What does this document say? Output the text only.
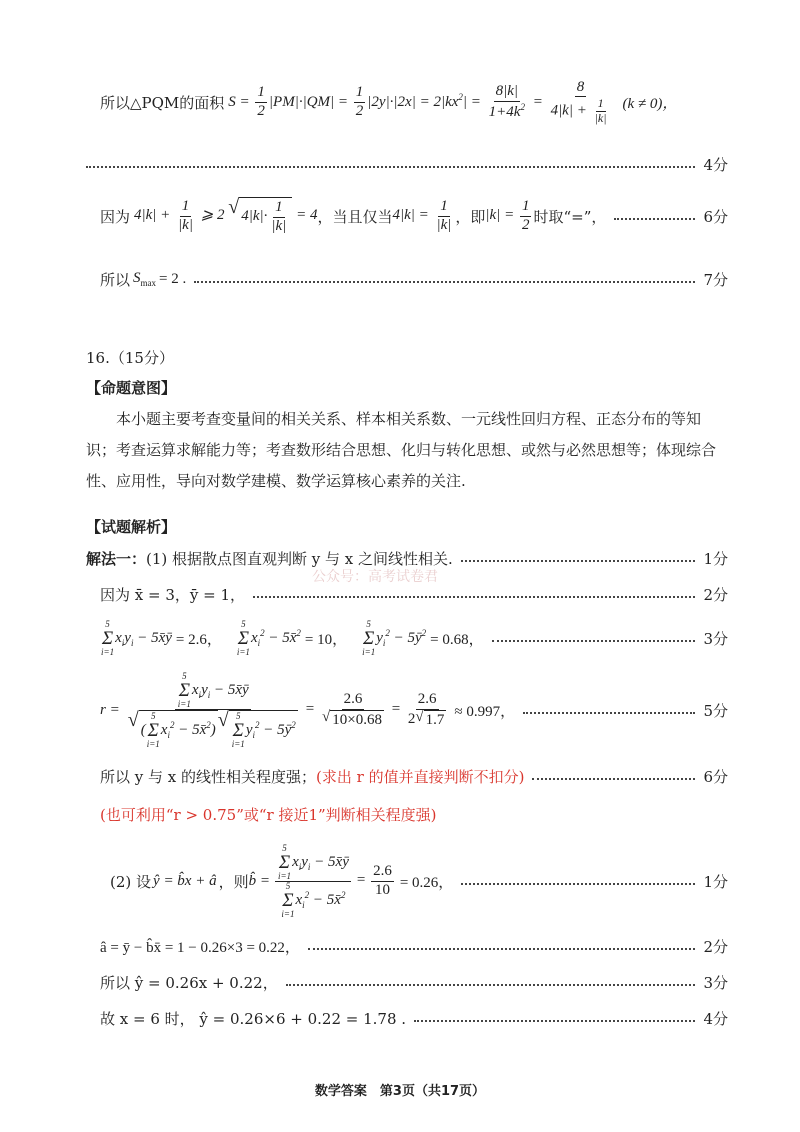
所以△PQM的面积 $S = \frac{1}{2} |PM|\cdot|QM| = \frac{1}{2} |2y|\cdot|2x| = 2|kx^2| = \frac{8|k|}{1+4k^2} = \frac{8}{4|k| + \frac{1}{|k|}} (k \ne 0)$，
4分
因为 $4|k| + \frac{1}{|k|}$ ⩾ 2 √ $4|k|\cdot \frac{1}{|k|} = 4$ ，当且仅当 $4|k| = \frac{1}{|k|}$ ，即 $|k| = \frac{1}{2}$ 时取“=”，	6分
所以 $S_{max} = 2$ .	7分
16.（15分）
【命题意图】
本小题主要考查变量间的相关关系、样本相关系数、一元线性回归方程、正态分布的等知识；考查运算求解能力等；考查数形结合思想、化归与转化思想、或然与必然思想等；体现综合性、应用性，导向对数学建模、数学运算核心素养的关注.
【试题解析】
解法一： (1) 根据散点图直观判断 y 与 x 之间线性相关.	1分
公众号：高考试卷君
因为 x̄ = 3，ȳ = 1，	2分
5
Σ
i=1
$x_iy_i$ − 5x̄ȳ = 2.6，
5
Σ
i=1
$x_i^2$ − 5x̄$^2$ = 10，
5
Σ
i=1
$y_i^2$ − $5ȳ^2 = 0.68$，	3分
r = 5
Σ
i=1
$x_iy_i$ − 5x̄ȳ
√ (
5
Σ
i=1
$x_i^2$ − 5x̄$^2$) √ 5
Σ
i=1
$y_i^2$ − $5ȳ^2 = \frac{2.6}{√ 10\times 0.68} = \frac{2.6}{2 √ 1.7} \approx 0.997$，	5分
所以 y 与 x 的线性相关程度强； (求出 r 的值并直接判断不扣分)	6分
(也可利用“r > 0.75”或“r 接近1”判断相关程度强)
(2) 设 ŷ = b̂x + â ，则 b̂ = 5
Σ
i=1
$x_iy_i$ − 5x̄ȳ
5
Σ
i=1
$x_i^2$ − 5x̄$^2$ = $\frac{2.6}{10} = 0.26$，	1分
â = ȳ − b̂x̄ = 1 − 0.26×3 = 0.22，	2分
所以 ŷ = 0.26x + 0.22，	3分
故 x = 6 时， ŷ = 0.26×6 + 0.22 = 1.78 .	4分
数学答案　第3页（共17页）
